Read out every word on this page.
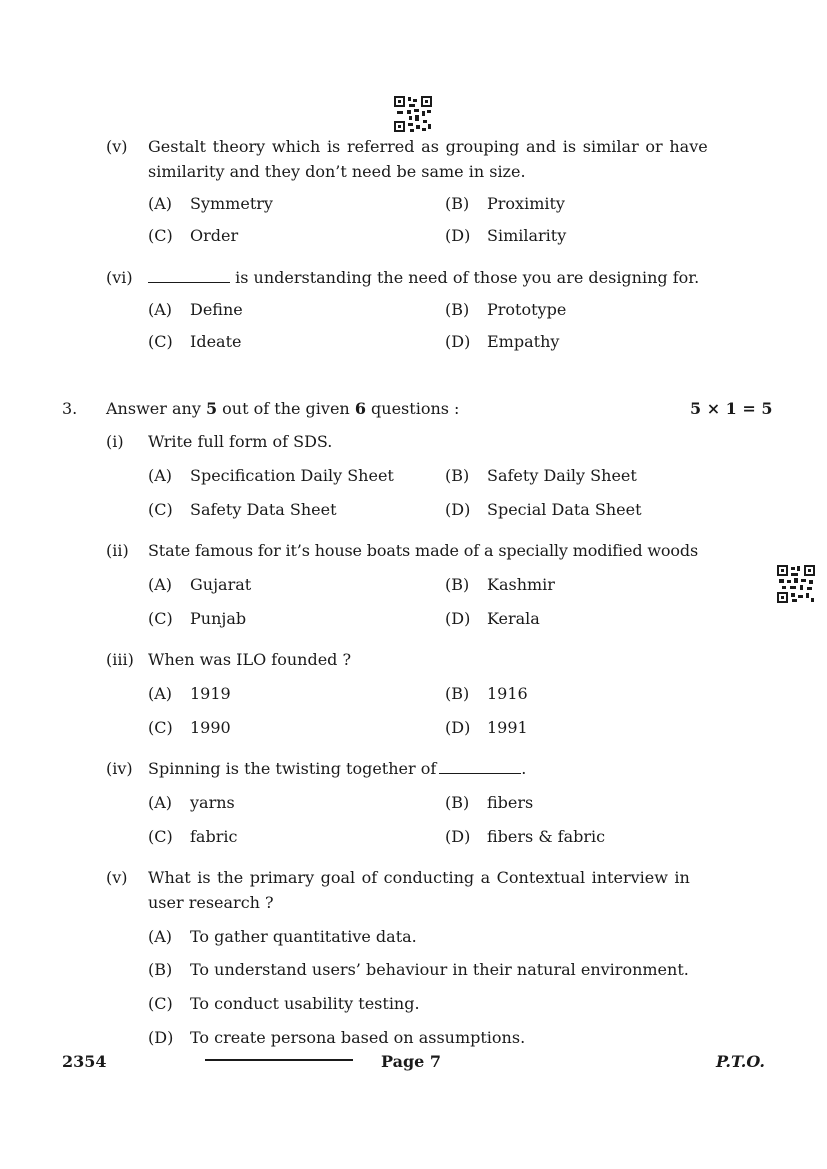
(v)	Gestalt theory which is referred as grouping and is similar or have
similarity and they don’t need be same in size.
(A) Symmetry	(B) Proximity
(C) Order	(D) Similarity
(vi)	is understanding the need of those you are designing for.
(A) Define	(B) Prototype
(C) Ideate	(D) Empathy
3. Answer any 5 out of the given 6 questions :	5 × 1 = 5
(i)	Write full form of SDS.
(A) Specification Daily Sheet	(B) Safety Daily Sheet
(C) Safety Data Sheet	(D) Special Data Sheet
(ii)	State famous for it’s house boats made of a specially modified woods
(A) Gujarat	(B) Kashmir
(C) Punjab	(D) Kerala
(iii) When was ILO founded ?
(A) 1919	(B) 1916
(C) 1990	(D) 1991
(iv) Spinning is the twisting together of	.
(A) yarns	(B) fibers
(C) fabric	(D) fibers & fabric
(v)	What is the primary goal of conducting a Contextual interview in
user research ?
(A) To gather quantitative data.
(B) To understand users’ behaviour in their natural environment.
(C) To conduct usability testing.
(D) To create persona based on assumptions.
2354	Page 7	P.T.O.
